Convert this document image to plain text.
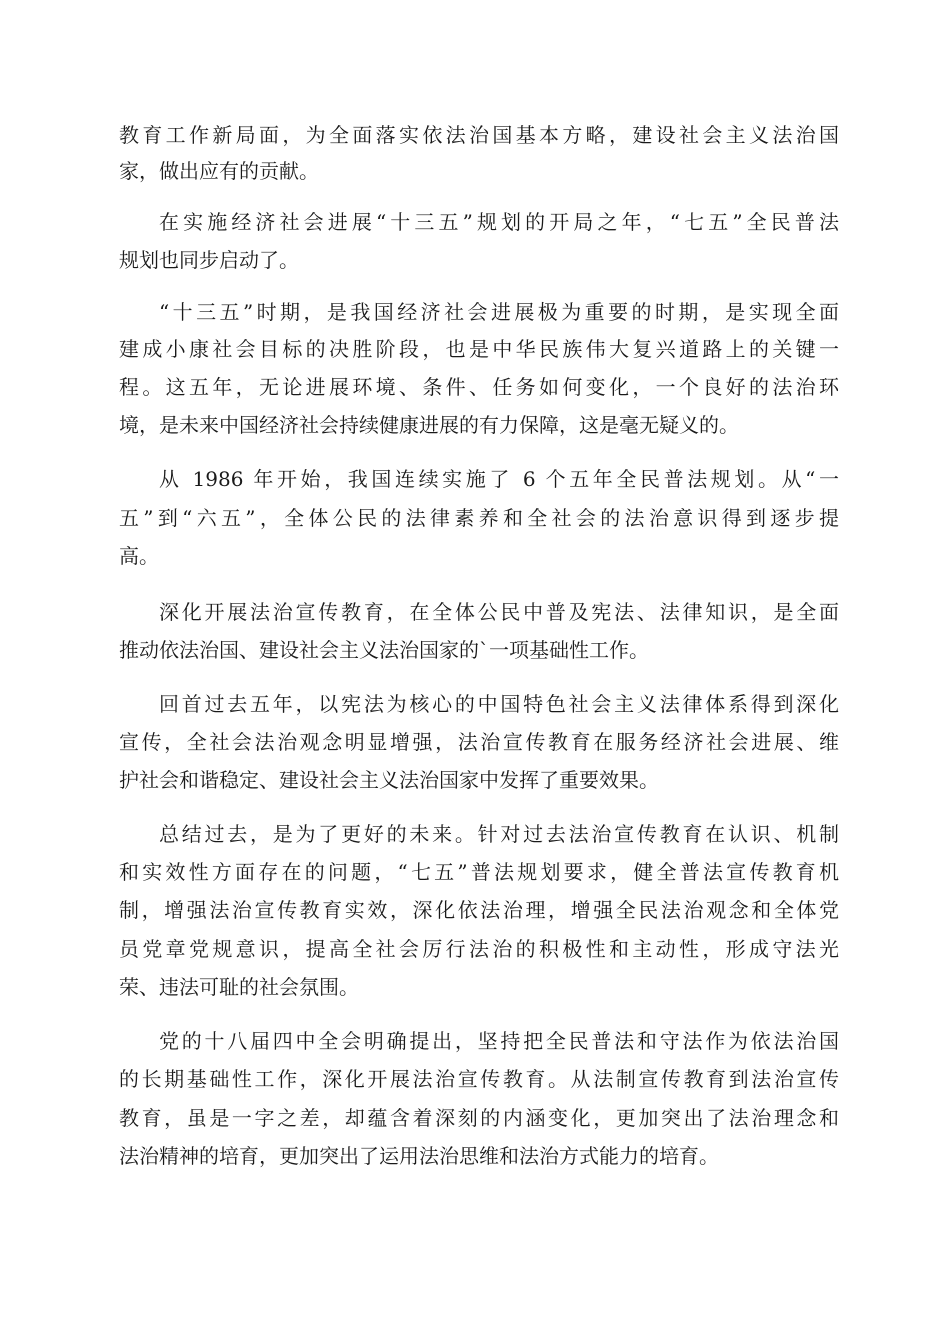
教育工作新局面，为全面落实依法治国基本方略，建设社会主义法治国
家，做出应有的贡献。
在实施经济社会进展“十三五”规划的开局之年，“七五”全民普法
规划也同步启动了。
“十三五”时期，是我国经济社会进展极为重要的时期，是实现全面
建成小康社会目标的决胜阶段，也是中华民族伟大复兴道路上的关键一
程。这五年，无论进展环境、条件、任务如何变化，一个良好的法治环
境，是未来中国经济社会持续健康进展的有力保障，这是毫无疑义的。
从 1986 年开始，我国连续实施了 6 个五年全民普法规划。从“一
五”到“六五”，全体公民的法律素养和全社会的法治意识得到逐步提
高。
深化开展法治宣传教育，在全体公民中普及宪法、法律知识，是全面
推动依法治国、建设社会主义法治国家的`一项基础性工作。
回首过去五年，以宪法为核心的中国特色社会主义法律体系得到深化
宣传，全社会法治观念明显增强，法治宣传教育在服务经济社会进展、维
护社会和谐稳定、建设社会主义法治国家中发挥了重要效果。
总结过去，是为了更好的未来。针对过去法治宣传教育在认识、机制
和实效性方面存在的问题，“七五”普法规划要求，健全普法宣传教育机
制，增强法治宣传教育实效，深化依法治理，增强全民法治观念和全体党
员党章党规意识，提高全社会厉行法治的积极性和主动性，形成守法光
荣、违法可耻的社会氛围。
党的十八届四中全会明确提出，坚持把全民普法和守法作为依法治国
的长期基础性工作，深化开展法治宣传教育。从法制宣传教育到法治宣传
教育，虽是一字之差，却蕴含着深刻的内涵变化，更加突出了法治理念和
法治精神的培育，更加突出了运用法治思维和法治方式能力的培育。
